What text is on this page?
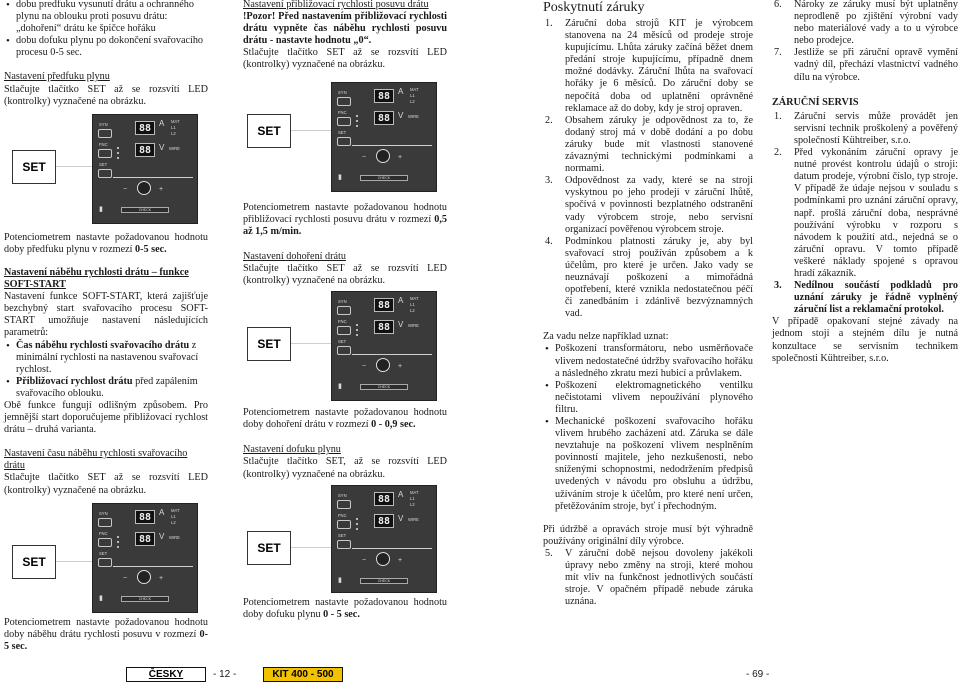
• dobu predfuku vysunutí drátu a ochranného plynu na oblouku proti posuvu drátu: „dohoření“ drátu ke špičce hořáku
• dobu dofuku plynu po dokončení svařovacího procesu 0-5 sec.
Nastavení předfuku plynu
Stlačujte tlačítko SET až se rozsvítí LED (kontrolky) vyznačené na obrázku.
SET
SYN
FNC
SET
88 A MAT
L1
L2
88 V WIRE
−	+
CHECK
▮
Potenciometrem nastavte požadovanou hodnotu doby předfuku plynu v rozmezí 0-5 sec.
Nastavení náběhu rychlosti drátu – funkce SOFT-START
Nastavení funkce SOFT-START, která zajišťuje bezchybný start svařovacího procesu SOFT-START umožňuje nastavení následujících parametrů:
• Čas náběhu rychlosti svařovacího drátu z minimální rychlosti na nastavenou svařovací rychlost.
• Přibližovací rychlost drátu před zapálením svařovacího oblouku.
Obě funkce fungují odlišným způsobem. Pro jemnější start doporučujeme přibližovací rychlost drátu – druhá varianta.
Nastavení času náběhu rychlosti svařovacího drátu
Stlačujte tlačítko SET až se rozsvítí LED (kontrolky) vyznačené na obrázku.
SET
SYN
FNC
SET
88 A MAT
L1
L2
88 V WIRE
−	+
CHECK
▮
Potenciometrem nastavte požadovanou hodnotu doby náběhu drátu rychlosti posuvu v rozmezí 0-5 sec.
Nastavení přibližovací rychlosti posuvu drátu
!Pozor! Před nastavením přibližovací rychlosti drátu vypněte čas náběhu rychlosti posuvu drátu - nastavte hodnotu „0“.
Stlačujte tlačítko SET až se rozsvítí LED (kontrolky) vyznačené na obrázku.
SET
SYN
FNC
SET
88 A MAT
L1
L2
88 V WIRE
−	+
CHECK
▮
Potenciometrem nastavte požadovanou hodnotu přibližovací rychlosti posuvu drátu v rozmezí 0,5 až 1,5 m/min.
Nastavení dohoření drátu
Stlačujte tlačítko SET až se rozsvítí LED (kontrolky) vyznačené na obrázku.
SET
SYN
FNC
SET
88 A MAT
L1
L2
88 V WIRE
−	+
CHECK
▮
Potenciometrem nastavte požadovanou hodnotu doby dohoření drátu v rozmezí 0 - 0,9 sec.
Nastavení dofuku plynu
Stlačujte tlačítko SET, až se rozsvítí LED (kontrolky) vyznačené na obrázku.
SET
SYN
FNC
SET
88 A MAT
L1
L2
88 V WIRE
−	+
CHECK
▮
Potenciometrem nastavte požadovanou hodnotu doby dofuku plynu 0 - 5 sec.
Poskytnutí záruky
1. Záruční doba strojů KIT je výrobcem stanovena na 24 měsíců od prodeje stroje kupujícímu. Lhůta záruky začíná běžet dnem předání stroje kupujícímu, případně dnem možné dodávky. Záruční lhůta na svařovací hořáky je 6 měsíců. Do záruční doby se nepočítá doba od uplatnění oprávněné reklamace až do doby, kdy je stroj opraven.
2. Obsahem záruky je odpovědnost za to, že dodaný stroj má v době dodání a po dobu záruky bude mít vlastnosti stanovené závaznými technickými podmínkami a normami.
3. Odpovědnost za vady, které se na stroji vyskytnou po jeho prodeji v záruční lhůtě, spočívá v povinnosti bezplatného odstranění vady výrobcem stroje, nebo servisní organizací pověřenou výrobcem stroje.
4. Podmínkou platnosti záruky je, aby byl svařovací stroj používán způsobem a k účelům, pro které je určen. Jako vady se neuznávají poškození a mimořádná opotřebení, které vznikla nedostatečnou péčí či zanedbáním i zdánlivě bezvýznamných vad.
Za vadu nelze například uznat:
• Poškození transformátoru, nebo usměrňovače vlivem nedostatečné údržby svařovacího hořáku a následného zkratu mezi hubicí a průvlakem.
• Poškození elektromagnetického ventilku nečistotami vlivem nepoužívání plynového filtru.
• Mechanické poškození svařovacího hořáku vlivem hrubého zacházení atd. Záruka se dále nevztahuje na poškození vlivem nesplněním povinností majitele, jeho nezkušenosti, nebo sníženými schopnostmi, nedodržením předpisů uvedených v návodu pro obsluhu a údržbu, užíváním stroje k účelům, pro které není určen, přetěžováním stroje, byť i přechodným.
Při údržbě a opravách stroje musí být výhradně používány originální díly výrobce.
5. V záruční době nejsou dovoleny jakékoli úpravy nebo změny na stroji, které mohou mít vliv na funkčnost jednotlivých součástí stroje. V opačném případě nebude záruka uznána.
6. Nároky ze záruky musí být uplatněny neprodleně po zjištění výrobní vady nebo materiálové vady a to u výrobce nebo prodejce.
7. Jestliže se při záruční opravě vymění vadný díl, přechází vlastnictví vadného dílu na výrobce.
ZÁRUČNÍ SERVIS
1. Záruční servis může provádět jen servisní technik proškolený a pověřený společností Kühtreiber, s.r.o.
2. Před vykonáním záruční opravy je nutné provést kontrolu údajů o stroji: datum prodeje, výrobní číslo, typ stroje. V případě že údaje nejsou v souladu s podmínkami pro uznání záruční opravy, např. prošlá záruční doba, nesprávné používání výrobku v rozporu s návodem k použití atd., nejedná se o záruční opravu. V tomto případě veškeré náklady spojené s opravou hradí zákazník.
3. Nedílnou součástí podkladů pro uznání záruky je řádně vyplněný záruční list a reklamační protokol.
V případě opakovaní stejné závady na jednom stoji a stejném dílu je nutná konzultace se servisním technikem společnosti Kühtreiber, s.r.o.
ČESKY	- 12 -	KIT 400 - 500	- 69 -
